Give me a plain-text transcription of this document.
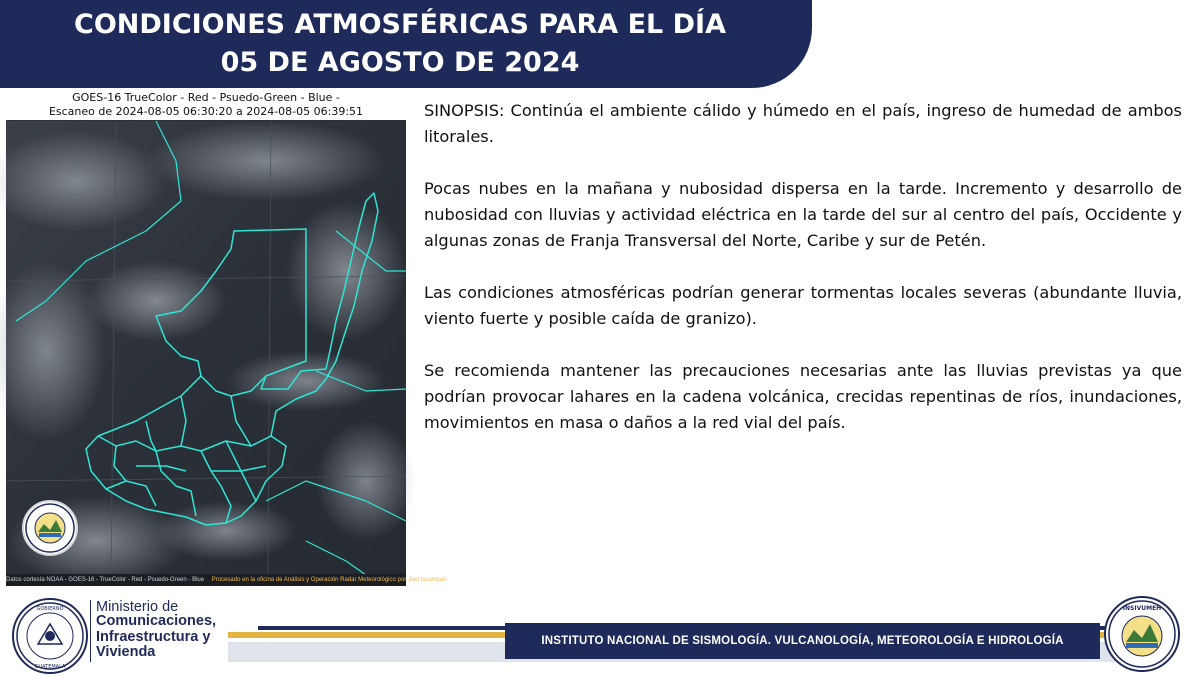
CONDICIONES ATMOSFÉRICAS PARA EL DÍA
05 DE AGOSTO DE 2024
GOES-16 TrueColor - Red - Psuedo-Green - Blue -
Escaneo de 2024-08-05 06:30:20 a 2024-08-05 06:39:51
Datos cortesía NOAA - GOES-16 - TrueColor - Red - Psuedo-Green - Blue Procesado en la oficina de Análisis y Operación Radar Meteorológico por Joel Iscampari

SINOPSIS: Continúa el ambiente cálido y húmedo en el país, ingreso de humedad de ambos litorales.

Pocas nubes en la mañana y nubosidad dispersa en la tarde. Incremento y desarrollo de nubosidad con lluvias y actividad eléctrica en la tarde del sur al centro del país, Occidente y algunas zonas de Franja Transversal del Norte, Caribe y sur de Petén.

Las condiciones atmosféricas podrían generar tormentas locales severas (abundante lluvia, viento fuerte y posible caída de granizo).

Se recomienda mantener las precauciones necesarias ante las lluvias previstas ya que podrían provocar lahares en la cadena volcánica, crecidas repentinas de ríos, inundaciones, movimientos en masa o daños a la red vial del país.

GOBIERNO
GUATEMALA
Ministerio de
Comunicaciones,
Infraestructura y
Vivienda
INSTITUTO NACIONAL DE SISMOLOGÍA. VULCANOLOGÍA, METEOROLOGÍA E HIDROLOGÍA
INSIVUMEH
